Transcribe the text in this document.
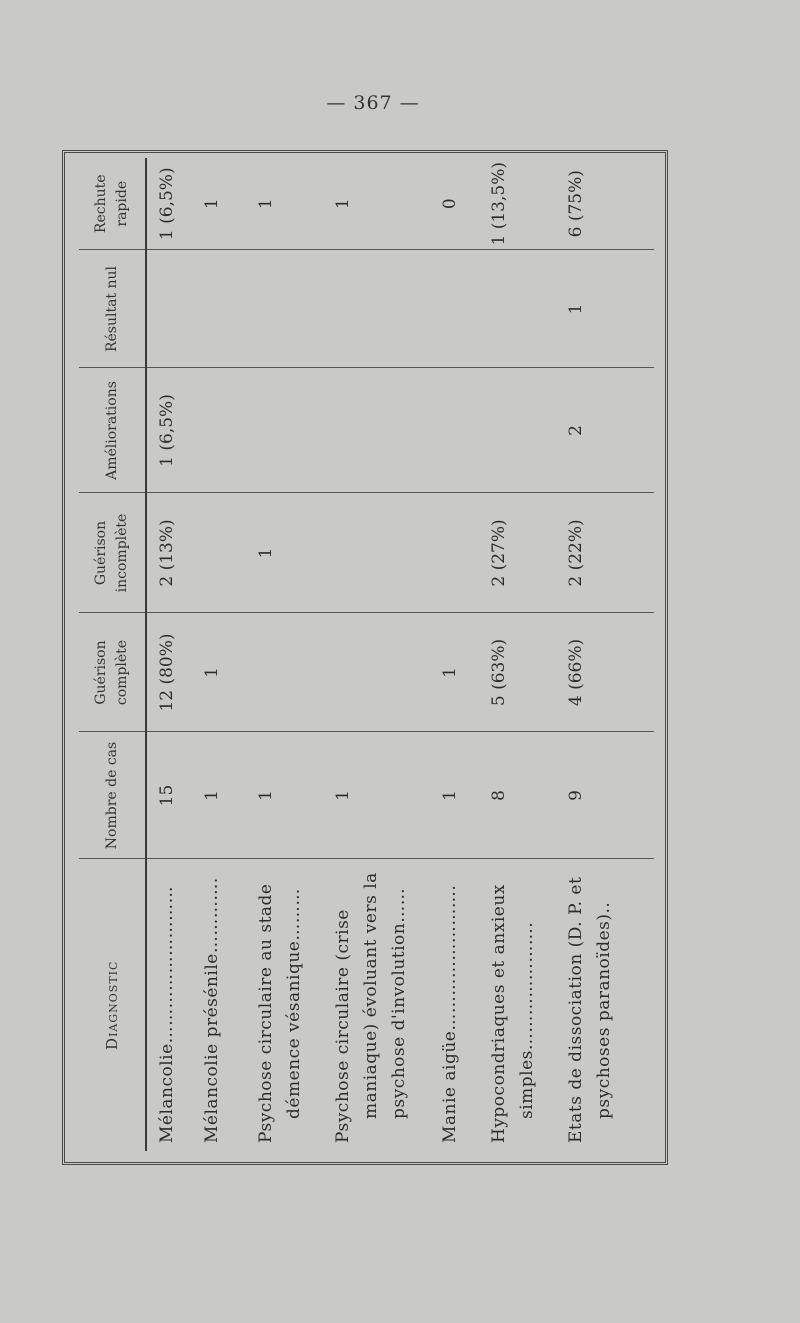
— 367 —
Diagnostic	Nombre de cas	Guérison complète	Guérison incomplète	Améliorations	Résultat nul	Rechute rapide
Mélancolie………………………	15	12 (80%)	2 (13%)	1 (6,5%)		1 (6,5%)
Mélancolie présénile………….	1	1				1
Psychose circulaire au stade démence vésanique………	1		1			1
Psychose circulaire (crise maniaque) évoluant vers la psychose d'involution……	1					1
Manie aigüe…………………….	1	1				0
Hypocondriaques et anxieux simples………………….	8	5 (63%)	2 (27%)			1 (13,5%)
Etats de dissociation (D. P. et psychoses paranoïdes)..	9	4 (66%)	2 (22%)	2	1	6 (75%)
